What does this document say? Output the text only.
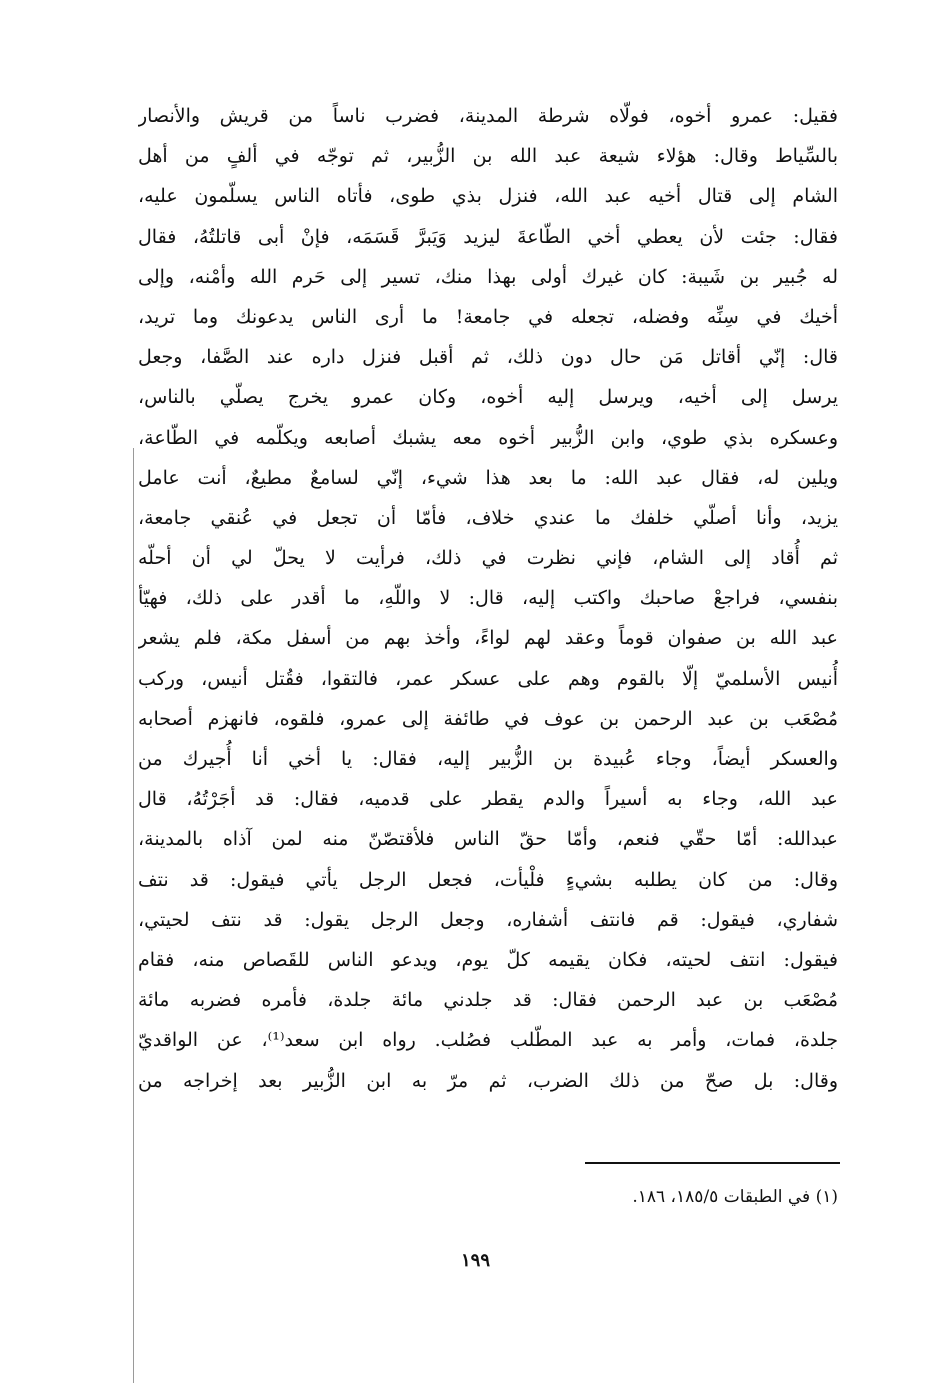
فقيل: عمرو أخوه، فولّاه شرطة المدينة، فضرب ناساً من قريش والأنصار
بالسِّياط وقال: هؤلاء شيعة عبد الله بن الزُّبير، ثم توجّه في ألفٍ من أهل
الشام إلى قتال أخيه عبد الله، فنزل بذي طوى، فأتاه الناس يسلّمون عليه،
فقال: جئت لأن يعطي أخي الطّاعةَ ليزيد وَيَبرَّ قَسَمَه، فإنْ أبى قاتلتُهُ، فقال
له جُبير بن شَيبة: كان غيرك أولى بهذا منك، تسير إلى حَرم الله وأمْنه، وإلى
أخيك في سِنِّه وفضله، تجعله في جامعة! ما أرى الناس يدعونك وما تريد،
قال: إنّي أقاتل مَن حال دون ذلك، ثم أقبل فنزل داره عند الصَّفا، وجعل
يرسل إلى أخيه، ويرسل إليه أخوه، وكان عمرو يخرج يصلّي بالناس،
وعسكره بذي طوي، وابن الزُّبير أخوه معه يشبك أصابعه ويكلّمه في الطّاعة،
ويلين له، فقال عبد الله: ما بعد هذا شيء، إنّي لسامعٌ مطيعٌ، أنت عامل
يزيد، وأنا أصلّي خلفك ما عندي خلاف، فأمّا أن تجعل في عُنقي جامعة،
ثم أُقاد إلى الشام، فإني نظرت في ذلك، فرأيت لا يحلّ لي أن أحلّه
بنفسي، فراجعْ صاحبك واكتب إليه، قال: لا واللّهِ، ما أقدر على ذلك، فهيّأ
عبد الله بن صفوان قوماً وعقد لهم لواءً، وأخذ بهم من أسفل مكة، فلم يشعر
أُنيس الأسلميّ إلّا بالقوم وهم على عسكر عمر، فالتقوا، فقُتل أنيس، وركب
مُصْعَب بن عبد الرحمن بن عوف في طائفة إلى عمرو، فلقوه، فانهزم أصحابه
والعسكر أيضاً، وجاء عُبيدة بن الزُّبير إليه، فقال: يا أخي أنا أُجيرك من
عبد الله، وجاء به أسيراً والدم يقطر على قدميه، فقال: قد أجَرْتُهُ، قال
عبدالله: أمّا حقّي فنعم، وأمّا حقّ الناس فلأقتصّنّ منه لمن آذاه بالمدينة،
وقال: من كان يطلبه بشيءٍ فلْيأت، فجعل الرجل يأتي فيقول: قد نتف
شفاري، فيقول: قم فانتف أشفاره، وجعل الرجل يقول: قد نتف لحيتي،
فيقول: انتف لحيته، فكان يقيمه كلّ يوم، ويدعو الناس للقَصاص منه، فقام
مُصْعَب بن عبد الرحمن فقال: قد جلدني مائة جلدة، فأمره فضربه مائة
جلدة، فمات، وأمر به عبد المطّلب فصُلب. رواه ابن سعد⁽¹⁾، عن الواقديّ
وقال: بل صحّ من ذلك الضرب، ثم مرّ به ابن الزُّبير بعد إخراجه من
(١) في الطبقات ١٨٥/٥، ١٨٦.
١٩٩
